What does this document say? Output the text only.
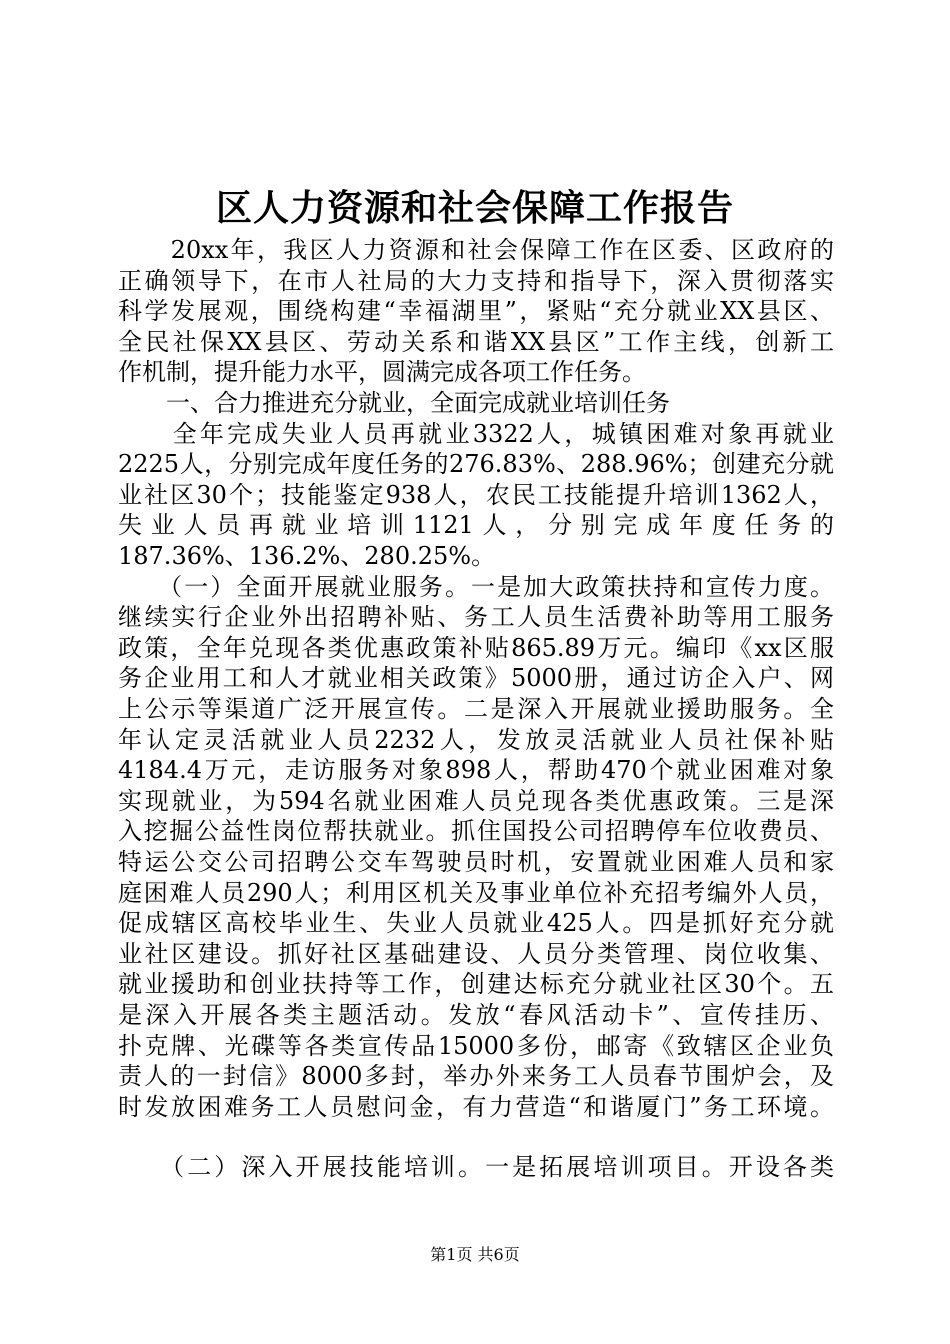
区人力资源和社会保障工作报告
　　20xx年，我区人力资源和社会保障工作在区委、区政府的
正确领导下，在市人社局的大力支持和指导下，深入贯彻落实
科学发展观，围绕构建“幸福湖里”，紧贴“充分就业XX县区、
全民社保XX县区、劳动关系和谐XX县区”工作主线，创新工
作机制，提升能力水平，圆满完成各项工作任务。
　　一、合力推进充分就业，全面完成就业培训任务
　　全年完成失业人员再就业3322人，城镇困难对象再就业
2225人，分别完成年度任务的276.83%、288.96%；创建充分就
业社区30个；技能鉴定938人，农民工技能提升培训1362人，
失业人员再就业培训1121人，分别完成年度任务的
187.36%、136.2%、280.25%。
　　（一）全面开展就业服务。一是加大政策扶持和宣传力度。
继续实行企业外出招聘补贴、务工人员生活费补助等用工服务
政策，全年兑现各类优惠政策补贴865.89万元。编印《xx区服
务企业用工和人才就业相关政策》5000册，通过访企入户、网
上公示等渠道广泛开展宣传。二是深入开展就业援助服务。全
年认定灵活就业人员2232人，发放灵活就业人员社保补贴
4184.4万元，走访服务对象898人，帮助470个就业困难对象
实现就业，为594名就业困难人员兑现各类优惠政策。三是深
入挖掘公益性岗位帮扶就业。抓住国投公司招聘停车位收费员、
特运公交公司招聘公交车驾驶员时机，安置就业困难人员和家
庭困难人员290人；利用区机关及事业单位补充招考编外人员，
促成辖区高校毕业生、失业人员就业425人。四是抓好充分就
业社区建设。抓好社区基础建设、人员分类管理、岗位收集、
就业援助和创业扶持等工作，创建达标充分就业社区30个。五
是深入开展各类主题活动。发放“春风活动卡”、宣传挂历、
扑克牌、光碟等各类宣传品15000多份，邮寄《致辖区企业负
责人的一封信》8000多封，举办外来务工人员春节围炉会，及
时发放困难务工人员慰问金，有力营造“和谐厦门”务工环境。
第1页 共6页
　　（二）深入开展技能培训。一是拓展培训项目。开设各类
